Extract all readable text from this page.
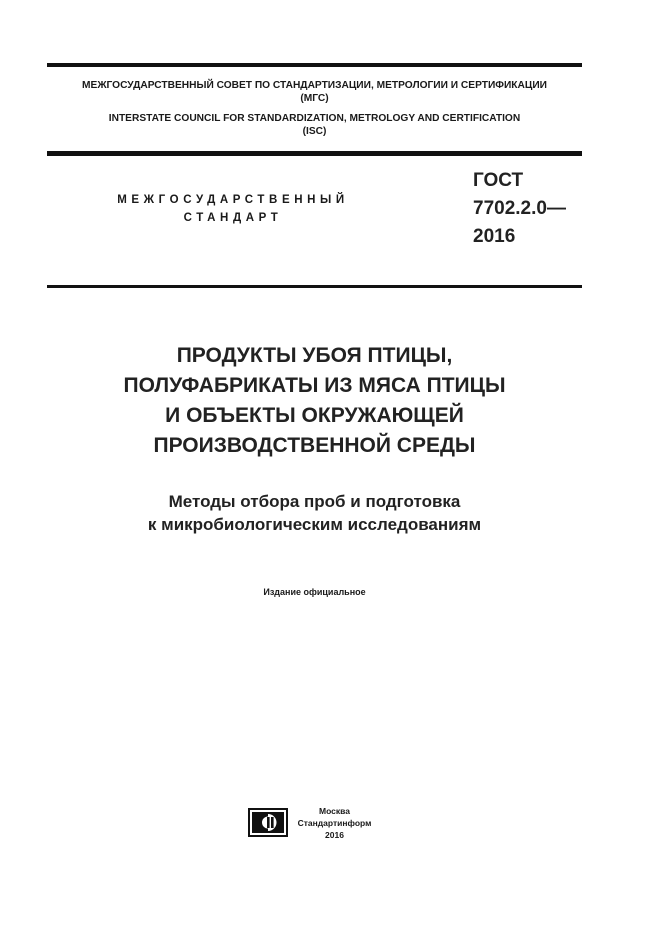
МЕЖГОСУДАРСТВЕННЫЙ СОВЕТ ПО СТАНДАРТИЗАЦИИ, МЕТРОЛОГИИ И СЕРТИФИКАЦИИ
(МГС)
INTERSTATE COUNCIL FOR STANDARDIZATION, METROLOGY AND CERTIFICATION
(ISC)
МЕЖГОСУДАРСТВЕННЫЙ
СТАНДАРТ
ГОСТ
7702.2.0—
2016
ПРОДУКТЫ УБОЯ ПТИЦЫ,
ПОЛУФАБРИКАТЫ ИЗ МЯСА ПТИЦЫ
И ОБЪЕКТЫ ОКРУЖАЮЩЕЙ
ПРОИЗВОДСТВЕННОЙ СРЕДЫ
Методы отбора проб и подготовка
к микробиологическим исследованиям
Издание официальное
Москва
Стандартинформ
2016
